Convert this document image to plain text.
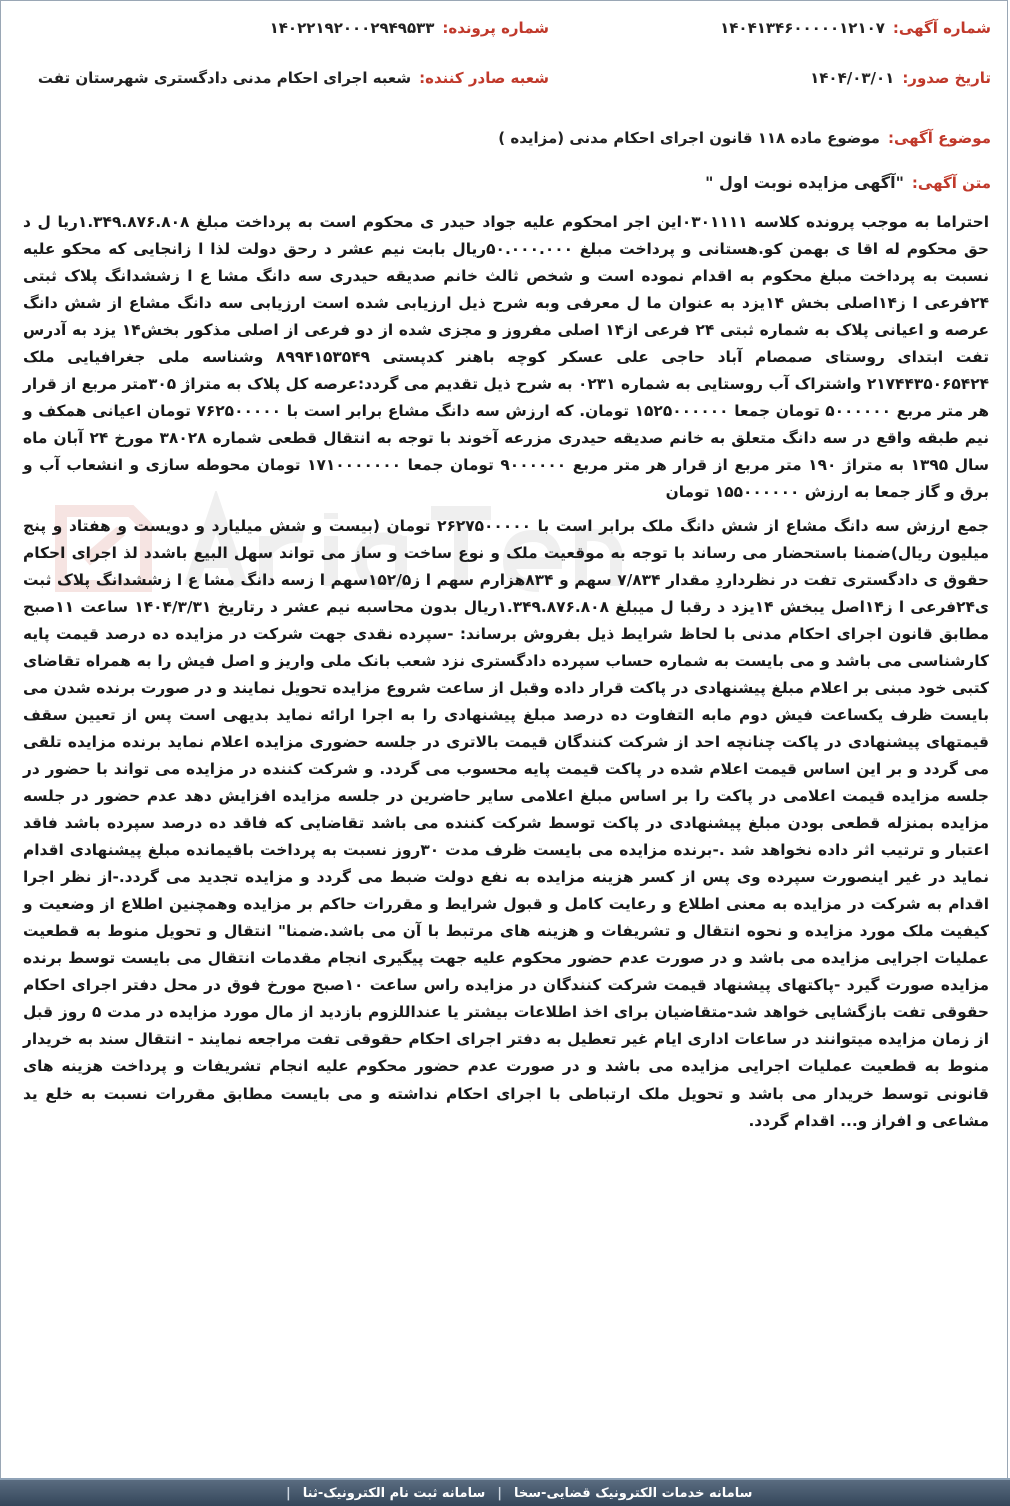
شماره آگهی:۱۴۰۴۱۳۴۶۰۰۰۰۰۱۲۱۰۷
شماره پرونده:۱۴۰۲۲۱۹۲۰۰۰۲۹۴۹۵۳۳
تاریخ صدور:۱۴۰۴/۰۳/۰۱
شعبه صادر کننده:شعبه اجرای احکام مدنی دادگستری شهرستان تفت
موضوع آگهی:موضوع ماده ۱۱۸ قانون اجرای احکام مدنی (مزایده )
متن آگهی:"آگهی مزایده نوبت اول "

احتراما به موجب پرونده کلاسه ۰۳۰۱۱۱۱این اجر امحکوم علیه جواد حیدر ی محکوم است به پرداخت مبلغ ۱.۳۴۹.۸۷۶.۸۰۸ریا ل د حق محکوم له اقا ی بهمن کو.هستانی و پرداخت مبلغ ۵۰.۰۰۰.۰۰۰ریال بابت نیم عشر د رحق دولت لذا ا زانجایی که محکو علیه نسبت به پرداخت مبلغ محکوم به اقدام نموده است و شخص ثالث خانم صدیقه حیدری سه دانگ مشا ع ا زششدانگ پلاک ثبتی ۲۴فرعی ا ز۱۴اصلی بخش ۱۴یزد به عنوان ما ل معرفی وبه شرح ذیل ارزیابی شده است ارزیابی سه دانگ مشاع از شش دانگ عرصه و اعیانی پلاک به شماره ثبتی ۲۴ فرعی از۱۴ اصلی مفروز و مجزی شده از دو فرعی از اصلی مذکور بخش۱۴ یزد به آدرس تفت ابتدای روستای صمصام آباد حاجی علی عسکر کوچه باهنر کدپستی ۸۹۹۴۱۵۳۵۴۹ وشناسه ملی جغرافیایی ملک ۲۱۷۴۴۳۵۰۶۵۴۲۴ واشتراک آب روستایی به شماره ۰۲۳۱ به شرح ذیل تقدیم می گردد:عرصه کل پلاک به متراژ ۳۰۵متر مربع از قرار هر متر مربع ۵۰۰۰۰۰۰ تومان جمعا ۱۵۲۵۰۰۰۰۰۰ تومان. که ارزش سه دانگ مشاع برابر است با ۷۶۲۵۰۰۰۰۰ تومان اعیانی همکف و نیم طبقه واقع در سه دانگ متعلق به خانم صدیقه حیدری مزرعه آخوند با توجه به انتقال قطعی شماره ۳۸۰۲۸ مورخ ۲۴ آبان ماه سال ۱۳۹۵ به متراژ ۱۹۰ متر مربع از قرار هر متر مربع ۹۰۰۰۰۰۰ تومان جمعا ۱۷۱۰۰۰۰۰۰۰ تومان محوطه سازی و انشعاب آب و برق و گاز جمعا به ارزش ۱۵۵۰۰۰۰۰۰ تومان

جمع ارزش سه دانگ مشاع از شش دانگ ملک برابر است با ۲۶۲۷۵۰۰۰۰۰ تومان (بیست و شش میلیارد و دویست و هفتاد و پنج میلیون ریال)ضمنا باستحضار می رساند با توجه به موقعیت ملک و نوع ساخت و ساز می تواند سهل البیع باشدد لذ اجرای احکام حقوق ی دادگستری تفت در نظرداردِ مقدار ۷/۸۳۴ سهم و ۸۳۴هزارم سهم ا ز۱۵۲/۵سهم ا زسه دانگ مشا ع ا زششدانگ پلاک ثبت ی۲۴فرعی ا ز۱۴اصل یبخش ۱۴یزد د رقبا ل میبلغ ۱.۳۴۹.۸۷۶.۸۰۸ریال بدون محاسبه نیم عشر د رتاریخ ۱۴۰۴/۳/۳۱ ساعت ۱۱صبح مطابق قانون اجرای احکام مدنی با لحاظ شرایط ذیل بفروش برساند: -سپرده نقدی جهت شرکت در مزایده ده درصد قیمت پایه کارشناسی می باشد و می بایست به شماره حساب سپرده دادگستری نزد شعب بانک ملی واریز و اصل فیش را به همراه تقاضای کتبی خود مبنی بر اعلام مبلغ پیشنهادی در پاکت قرار داده وقبل از ساعت شروع مزایده تحویل نمایند و در صورت برنده شدن می بایست ظرف یکساعت فیش دوم مابه التفاوت ده درصد مبلغ پیشنهادی را به اجرا ارائه نماید بدیهی است پس از تعیین سقف قیمتهای پیشنهادی در پاکت چنانچه احد از شرکت کنندگان قیمت بالاتری در جلسه حضوری مزایده اعلام نماید برنده مزایده تلقی می گردد و بر این اساس قیمت اعلام شده در پاکت قیمت پایه محسوب می گردد. و شرکت کننده در مزایده می تواند با حضور در جلسه مزایده قیمت اعلامی در پاکت را بر اساس مبلغ اعلامی سایر حاضرین در جلسه مزایده افزایش دهد عدم حضور در جلسه مزایده بمنزله قطعی بودن مبلغ پیشنهادی در پاکت توسط شرکت کننده می باشد تقاضایی که فاقد ده درصد سپرده باشد فاقد اعتبار و ترتیب اثر داده نخواهد شد .-برنده مزایده می بایست ظرف مدت ۳۰روز نسبت به پرداخت باقیمانده مبلغ پیشنهادی اقدام نماید در غیر اینصورت سپرده وی پس از کسر هزینه مزایده به نفع دولت ضبط می گردد و مزایده تجدید می گردد.-از نظر اجرا اقدام به شرکت در مزایده به معنی اطلاع و رعایت کامل و قبول شرایط و مقررات حاکم بر مزایده وهمچنین اطلاع از وضعیت و کیفیت ملک مورد مزایده و نحوه انتقال و تشریفات و هزینه های مرتبط با آن می باشد.ضمنا" انتقال و تحویل منوط به قطعیت عملیات اجرایی مزایده می باشد و در صورت عدم حضور محکوم علیه جهت پیگیری انجام مقدمات انتقال می بایست توسط برنده مزایده صورت گیرد -پاکتهای پیشنهاد قیمت شرکت کنندگان در مزایده راس ساعت ۱۰صبح مورخ فوق در محل دفتر اجرای احکام حقوقی تفت بازگشایی خواهد شد-متقاضیان برای اخذ اطلاعات بیشتر یا عنداللزوم بازدید از مال مورد مزایده در مدت ۵ روز قبل از زمان مزایده میتوانند در ساعات اداری ایام غیر تعطیل به دفتر اجرای احکام حقوقی تفت مراجعه نمایند - انتقال سند به خریدار منوط به قطعیت عملیات اجرایی مزایده می باشد و در صورت عدم حضور محکوم علیه انجام تشریفات و پرداخت هزینه های قانونی توسط خریدار می باشد و تحویل ملک ارتباطی با اجرای احکام نداشته و می بایست مطابق مقررات نسبت به خلع ید مشاعی و افراز و... اقدام گردد.

سامانه خدمات الکترونیک قضایی-سخا
|
سامانه ثبت نام الکترونیک-ثنا
|
